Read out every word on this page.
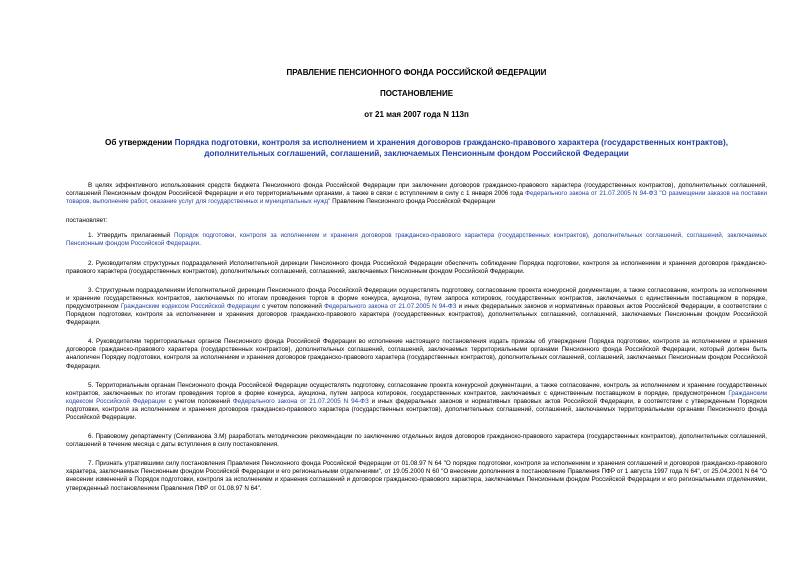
ПРАВЛЕНИЕ ПЕНСИОННОГО ФОНДА РОССИЙСКОЙ ФЕДЕРАЦИИ
ПОСТАНОВЛЕНИЕ
от 21 мая 2007 года N 113п
Об утверждении Порядка подготовки, контроля за исполнением и хранения договоров гражданско-правового характера (государственных контрактов), дополнительных соглашений, соглашений, заключаемых Пенсионным фондом Российской Федерации

В целях эффективного использования средств бюджета Пенсионного фонда Российской Федерации при заключении договоров гражданско-правового характера (государственных контрактов), дополнительных соглашений, соглашений Пенсионным фондом Российской Федерации и его территориальными органами, а также в связи с вступлением в силу с 1 января 2006 года Федерального закона от 21.07.2005 N 94-ФЗ "О размещении заказов на поставки товаров, выполнение работ, оказание услуг для государственных и муниципальных нужд" Правление Пенсионного фонда Российской Федерации

постановляет:

1. Утвердить прилагаемый Порядок подготовки, контроля за исполнением и хранения договоров гражданско-правового характера (государственных контрактов), дополнительных соглашений, соглашений, заключаемых Пенсионным фондом Российской Федерации.

2. Руководителям структурных подразделений Исполнительной дирекции Пенсионного фонда Российской Федерации обеспечить соблюдение Порядка подготовки, контроля за исполнением и хранения договоров гражданско-правового характера (государственных контрактов), дополнительных соглашений, соглашений, заключаемых Пенсионным фондом Российской Федерации.

3. Структурным подразделениям Исполнительной дирекции Пенсионного фонда Российской Федерации осуществлять подготовку, согласование проекта конкурсной документации, а также согласование, контроль за исполнением и хранение государственных контрактов, заключаемых по итогам проведения торгов в форме конкурса, аукциона, путем запроса котировок, государственных контрактов, заключаемых с единственным поставщиком в порядке, предусмотренном Гражданским кодексом Российской Федерации с учетом положений Федерального закона от 21.07.2005 N 94-ФЗ и иных федеральных законов и нормативных правовых актов Российской Федерации, в соответствии с Порядком подготовки, контроля за исполнением и хранения договоров гражданско-правового характера (государственных контрактов), дополнительных соглашений, соглашений, заключаемых Пенсионным фондом Российской Федерации.

4. Руководителям территориальных органов Пенсионного фонда Российской Федерации во исполнение настоящего постановления издать приказы об утверждении Порядка подготовки, контроля за исполнением и хранения договоров гражданско-правового характера (государственных контрактов), дополнительных соглашений, соглашений, заключаемых территориальными органами Пенсионного фонда Российской Федерации, который должен быть аналогичен Порядку подготовки, контроля за исполнением и хранения договоров гражданско-правового характера (государственных контрактов), дополнительных соглашений, соглашений, заключаемых Пенсионным фондом Российской Федерации.

5. Территориальным органам Пенсионного фонда Российской Федерации осуществлять подготовку, согласование проекта конкурсной документации, а также согласование, контроль за исполнением и хранение государственных контрактов, заключаемых по итогам проведения торгов в форме конкурса, аукциона, путем запроса котировок, государственных контрактов, заключаемых с единственным поставщиком в порядке, предусмотренном Гражданским кодексом Российской Федерации с учетом положений Федерального закона от 21.07.2005 N 94-ФЗ и иных федеральных законов и нормативных правовых актов Российской Федерации, в соответствии с утвержденным Порядком подготовки, контроля за исполнением и хранения договоров гражданско-правового характера (государственных контрактов), дополнительных соглашений, соглашений, заключаемых территориальными органами Пенсионного фонда Российской Федерации.

6. Правовому департаменту (Селиванова З.М) разработать методические рекомендации по заключению отдельных видов договоров гражданско-правового характера (государственных контрактов), дополнительных соглашений, соглашений в течение месяца с даты вступления в силу постановления.

7. Признать утратившими силу постановления Правления Пенсионного фонда Российской Федерации от 01.08.97 N 64 "О порядке подготовки, контроля за исполнением и хранения соглашений и договоров гражданско-правового характера, заключаемых Пенсионным фондом Российской Федерации и его региональными отделениями", от 19.05.2000 N 60 "О внесении дополнения в постановление Правления ПФР от 1 августа 1997 года N 64", от 25.04.2001 N 64 "О внесении изменений в Порядок подготовки, контроля за исполнением и хранения соглашений и договоров гражданско-правового характера, заключаемых Пенсионным фондом Российской Федерации и его региональными отделениями, утвержденный постановлением Правления ПФР от 01.08.97 N 64".
